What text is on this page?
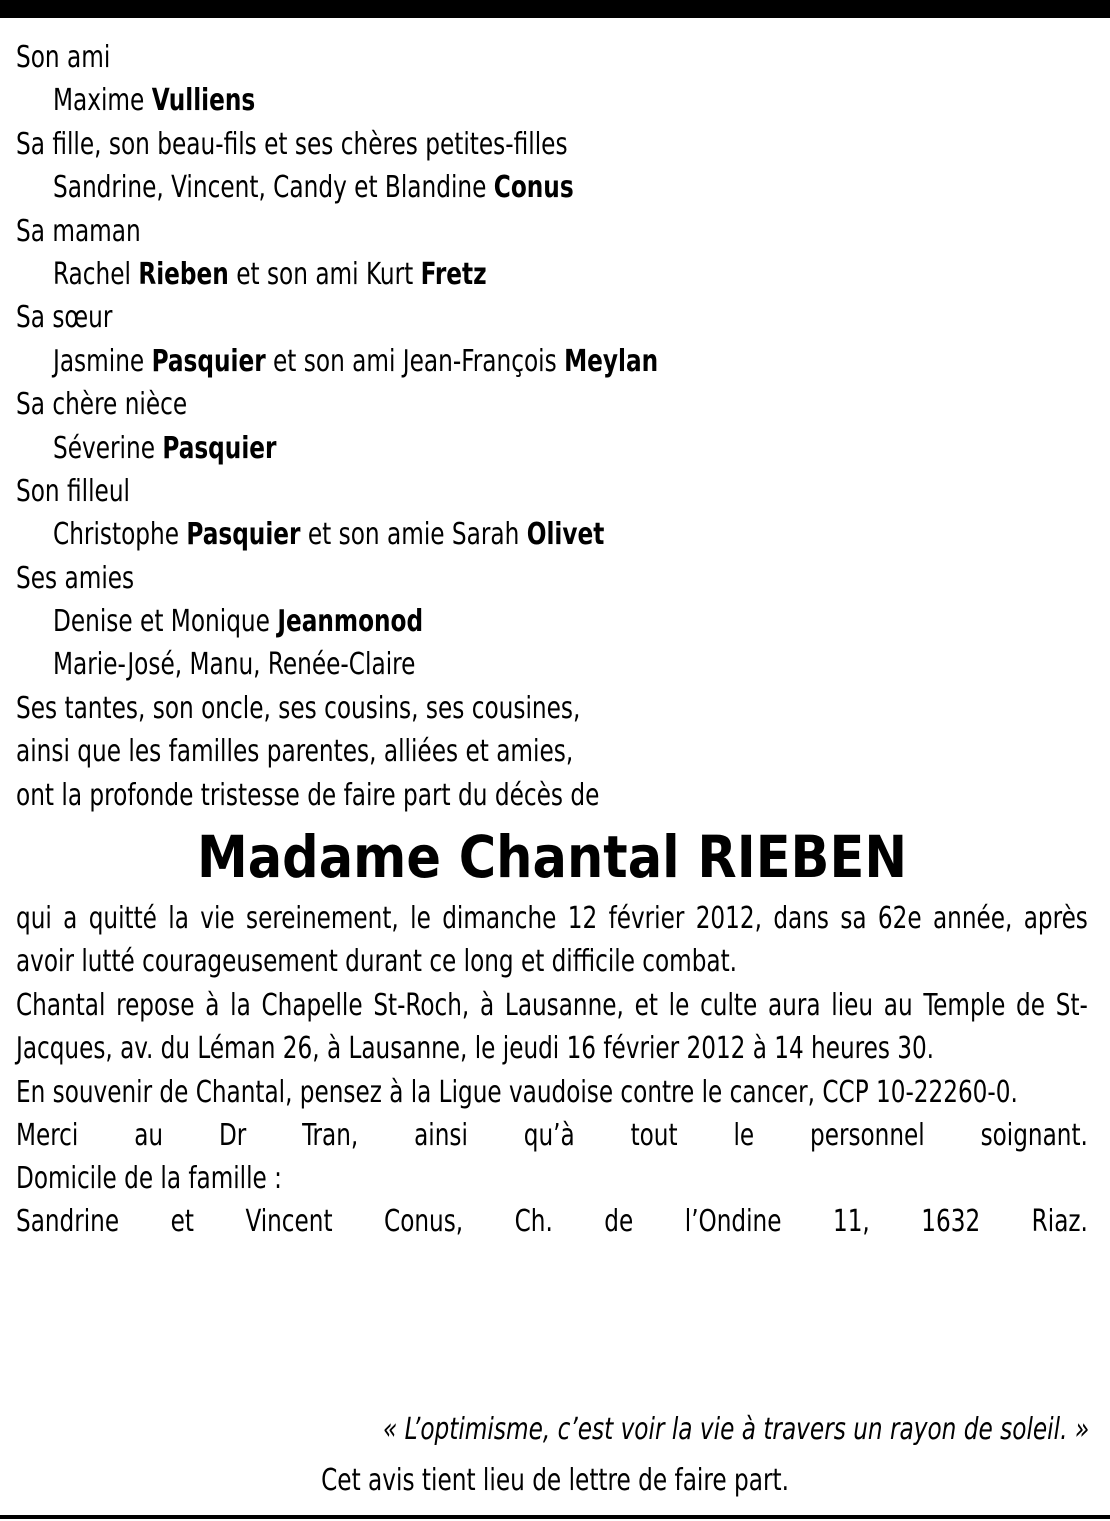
Son ami
Maxime Vulliens
Sa fille, son beau-fils et ses chères petites-filles
Sandrine, Vincent, Candy et Blandine Conus
Sa maman
Rachel Rieben et son ami Kurt Fretz
Sa sœur
Jasmine Pasquier et son ami Jean-François Meylan
Sa chère nièce
Séverine Pasquier
Son filleul
Christophe Pasquier et son amie Sarah Olivet
Ses amies
Denise et Monique Jeanmonod
Marie-José, Manu, Renée-Claire
Ses tantes, son oncle, ses cousins, ses cousines,
ainsi que les familles parentes, alliées et amies,
ont la profonde tristesse de faire part du décès de
Madame Chantal RIEBEN
qui a quitté la vie sereinement, le dimanche 12 février 2012, dans sa 62e année, après avoir lutté courageusement durant ce long et difficile combat.
Chantal repose à la Chapelle St-Roch, à Lausanne, et le culte aura lieu au Temple de St-Jacques, av. du Léman 26, à Lausanne, le jeudi 16 février 2012 à 14 heures 30.
En souvenir de Chantal, pensez à la Ligue vaudoise contre le cancer, CCP 10-22260-0.
Merci au Dr Tran, ainsi qu’à tout le personnel soignant.
Domicile de la famille :
Sandrine et Vincent Conus, Ch. de l’Ondine 11, 1632 Riaz.
« L’optimisme, c’est voir la vie à travers un rayon de soleil. »
Cet avis tient lieu de lettre de faire part.
